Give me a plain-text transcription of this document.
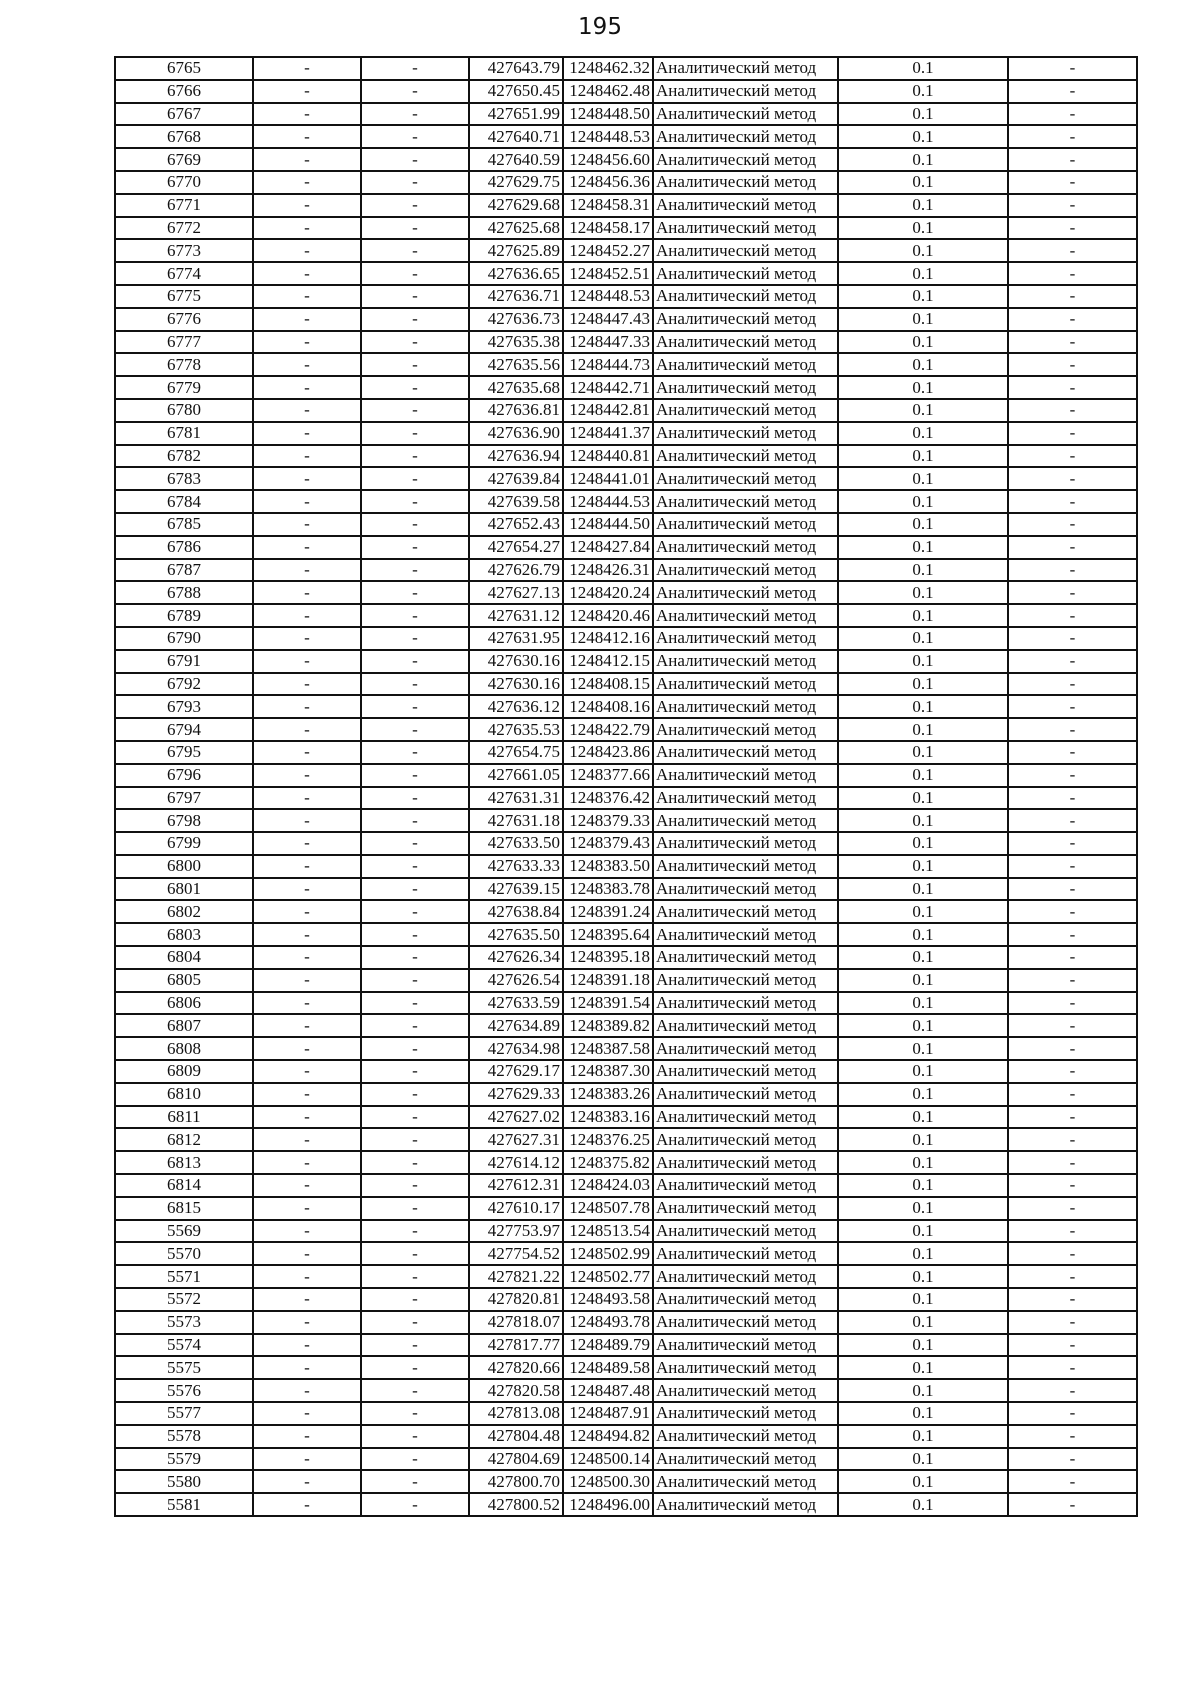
195
6765	-	-	427643.79	1248462.32	Аналитический метод	0.1	-
6766	-	-	427650.45	1248462.48	Аналитический метод	0.1	-
6767	-	-	427651.99	1248448.50	Аналитический метод	0.1	-
6768	-	-	427640.71	1248448.53	Аналитический метод	0.1	-
6769	-	-	427640.59	1248456.60	Аналитический метод	0.1	-
6770	-	-	427629.75	1248456.36	Аналитический метод	0.1	-
6771	-	-	427629.68	1248458.31	Аналитический метод	0.1	-
6772	-	-	427625.68	1248458.17	Аналитический метод	0.1	-
6773	-	-	427625.89	1248452.27	Аналитический метод	0.1	-
6774	-	-	427636.65	1248452.51	Аналитический метод	0.1	-
6775	-	-	427636.71	1248448.53	Аналитический метод	0.1	-
6776	-	-	427636.73	1248447.43	Аналитический метод	0.1	-
6777	-	-	427635.38	1248447.33	Аналитический метод	0.1	-
6778	-	-	427635.56	1248444.73	Аналитический метод	0.1	-
6779	-	-	427635.68	1248442.71	Аналитический метод	0.1	-
6780	-	-	427636.81	1248442.81	Аналитический метод	0.1	-
6781	-	-	427636.90	1248441.37	Аналитический метод	0.1	-
6782	-	-	427636.94	1248440.81	Аналитический метод	0.1	-
6783	-	-	427639.84	1248441.01	Аналитический метод	0.1	-
6784	-	-	427639.58	1248444.53	Аналитический метод	0.1	-
6785	-	-	427652.43	1248444.50	Аналитический метод	0.1	-
6786	-	-	427654.27	1248427.84	Аналитический метод	0.1	-
6787	-	-	427626.79	1248426.31	Аналитический метод	0.1	-
6788	-	-	427627.13	1248420.24	Аналитический метод	0.1	-
6789	-	-	427631.12	1248420.46	Аналитический метод	0.1	-
6790	-	-	427631.95	1248412.16	Аналитический метод	0.1	-
6791	-	-	427630.16	1248412.15	Аналитический метод	0.1	-
6792	-	-	427630.16	1248408.15	Аналитический метод	0.1	-
6793	-	-	427636.12	1248408.16	Аналитический метод	0.1	-
6794	-	-	427635.53	1248422.79	Аналитический метод	0.1	-
6795	-	-	427654.75	1248423.86	Аналитический метод	0.1	-
6796	-	-	427661.05	1248377.66	Аналитический метод	0.1	-
6797	-	-	427631.31	1248376.42	Аналитический метод	0.1	-
6798	-	-	427631.18	1248379.33	Аналитический метод	0.1	-
6799	-	-	427633.50	1248379.43	Аналитический метод	0.1	-
6800	-	-	427633.33	1248383.50	Аналитический метод	0.1	-
6801	-	-	427639.15	1248383.78	Аналитический метод	0.1	-
6802	-	-	427638.84	1248391.24	Аналитический метод	0.1	-
6803	-	-	427635.50	1248395.64	Аналитический метод	0.1	-
6804	-	-	427626.34	1248395.18	Аналитический метод	0.1	-
6805	-	-	427626.54	1248391.18	Аналитический метод	0.1	-
6806	-	-	427633.59	1248391.54	Аналитический метод	0.1	-
6807	-	-	427634.89	1248389.82	Аналитический метод	0.1	-
6808	-	-	427634.98	1248387.58	Аналитический метод	0.1	-
6809	-	-	427629.17	1248387.30	Аналитический метод	0.1	-
6810	-	-	427629.33	1248383.26	Аналитический метод	0.1	-
6811	-	-	427627.02	1248383.16	Аналитический метод	0.1	-
6812	-	-	427627.31	1248376.25	Аналитический метод	0.1	-
6813	-	-	427614.12	1248375.82	Аналитический метод	0.1	-
6814	-	-	427612.31	1248424.03	Аналитический метод	0.1	-
6815	-	-	427610.17	1248507.78	Аналитический метод	0.1	-
5569	-	-	427753.97	1248513.54	Аналитический метод	0.1	-
5570	-	-	427754.52	1248502.99	Аналитический метод	0.1	-
5571	-	-	427821.22	1248502.77	Аналитический метод	0.1	-
5572	-	-	427820.81	1248493.58	Аналитический метод	0.1	-
5573	-	-	427818.07	1248493.78	Аналитический метод	0.1	-
5574	-	-	427817.77	1248489.79	Аналитический метод	0.1	-
5575	-	-	427820.66	1248489.58	Аналитический метод	0.1	-
5576	-	-	427820.58	1248487.48	Аналитический метод	0.1	-
5577	-	-	427813.08	1248487.91	Аналитический метод	0.1	-
5578	-	-	427804.48	1248494.82	Аналитический метод	0.1	-
5579	-	-	427804.69	1248500.14	Аналитический метод	0.1	-
5580	-	-	427800.70	1248500.30	Аналитический метод	0.1	-
5581	-	-	427800.52	1248496.00	Аналитический метод	0.1	-
